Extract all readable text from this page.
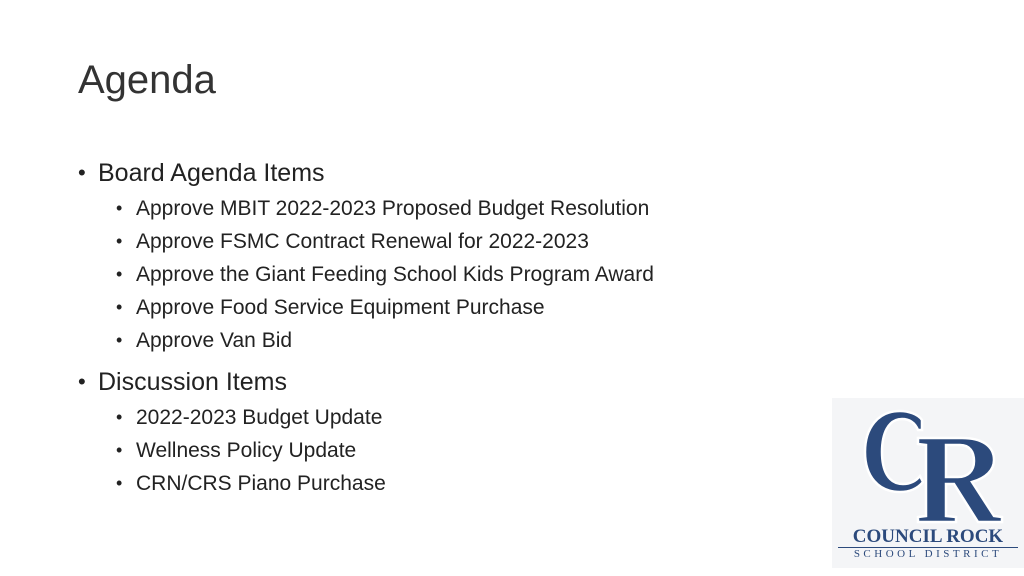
Agenda
• Board Agenda Items
• Approve MBIT 2022-2023 Proposed Budget Resolution
• Approve FSMC Contract Renewal for 2022-2023
• Approve the Giant Feeding School Kids Program Award
• Approve Food Service Equipment Purchase
• Approve Van Bid
• Discussion Items
• 2022-2023 Budget Update
• Wellness Policy Update
• CRN/CRS Piano Purchase
COUNCIL ROCK
SCHOOL DISTRICT
